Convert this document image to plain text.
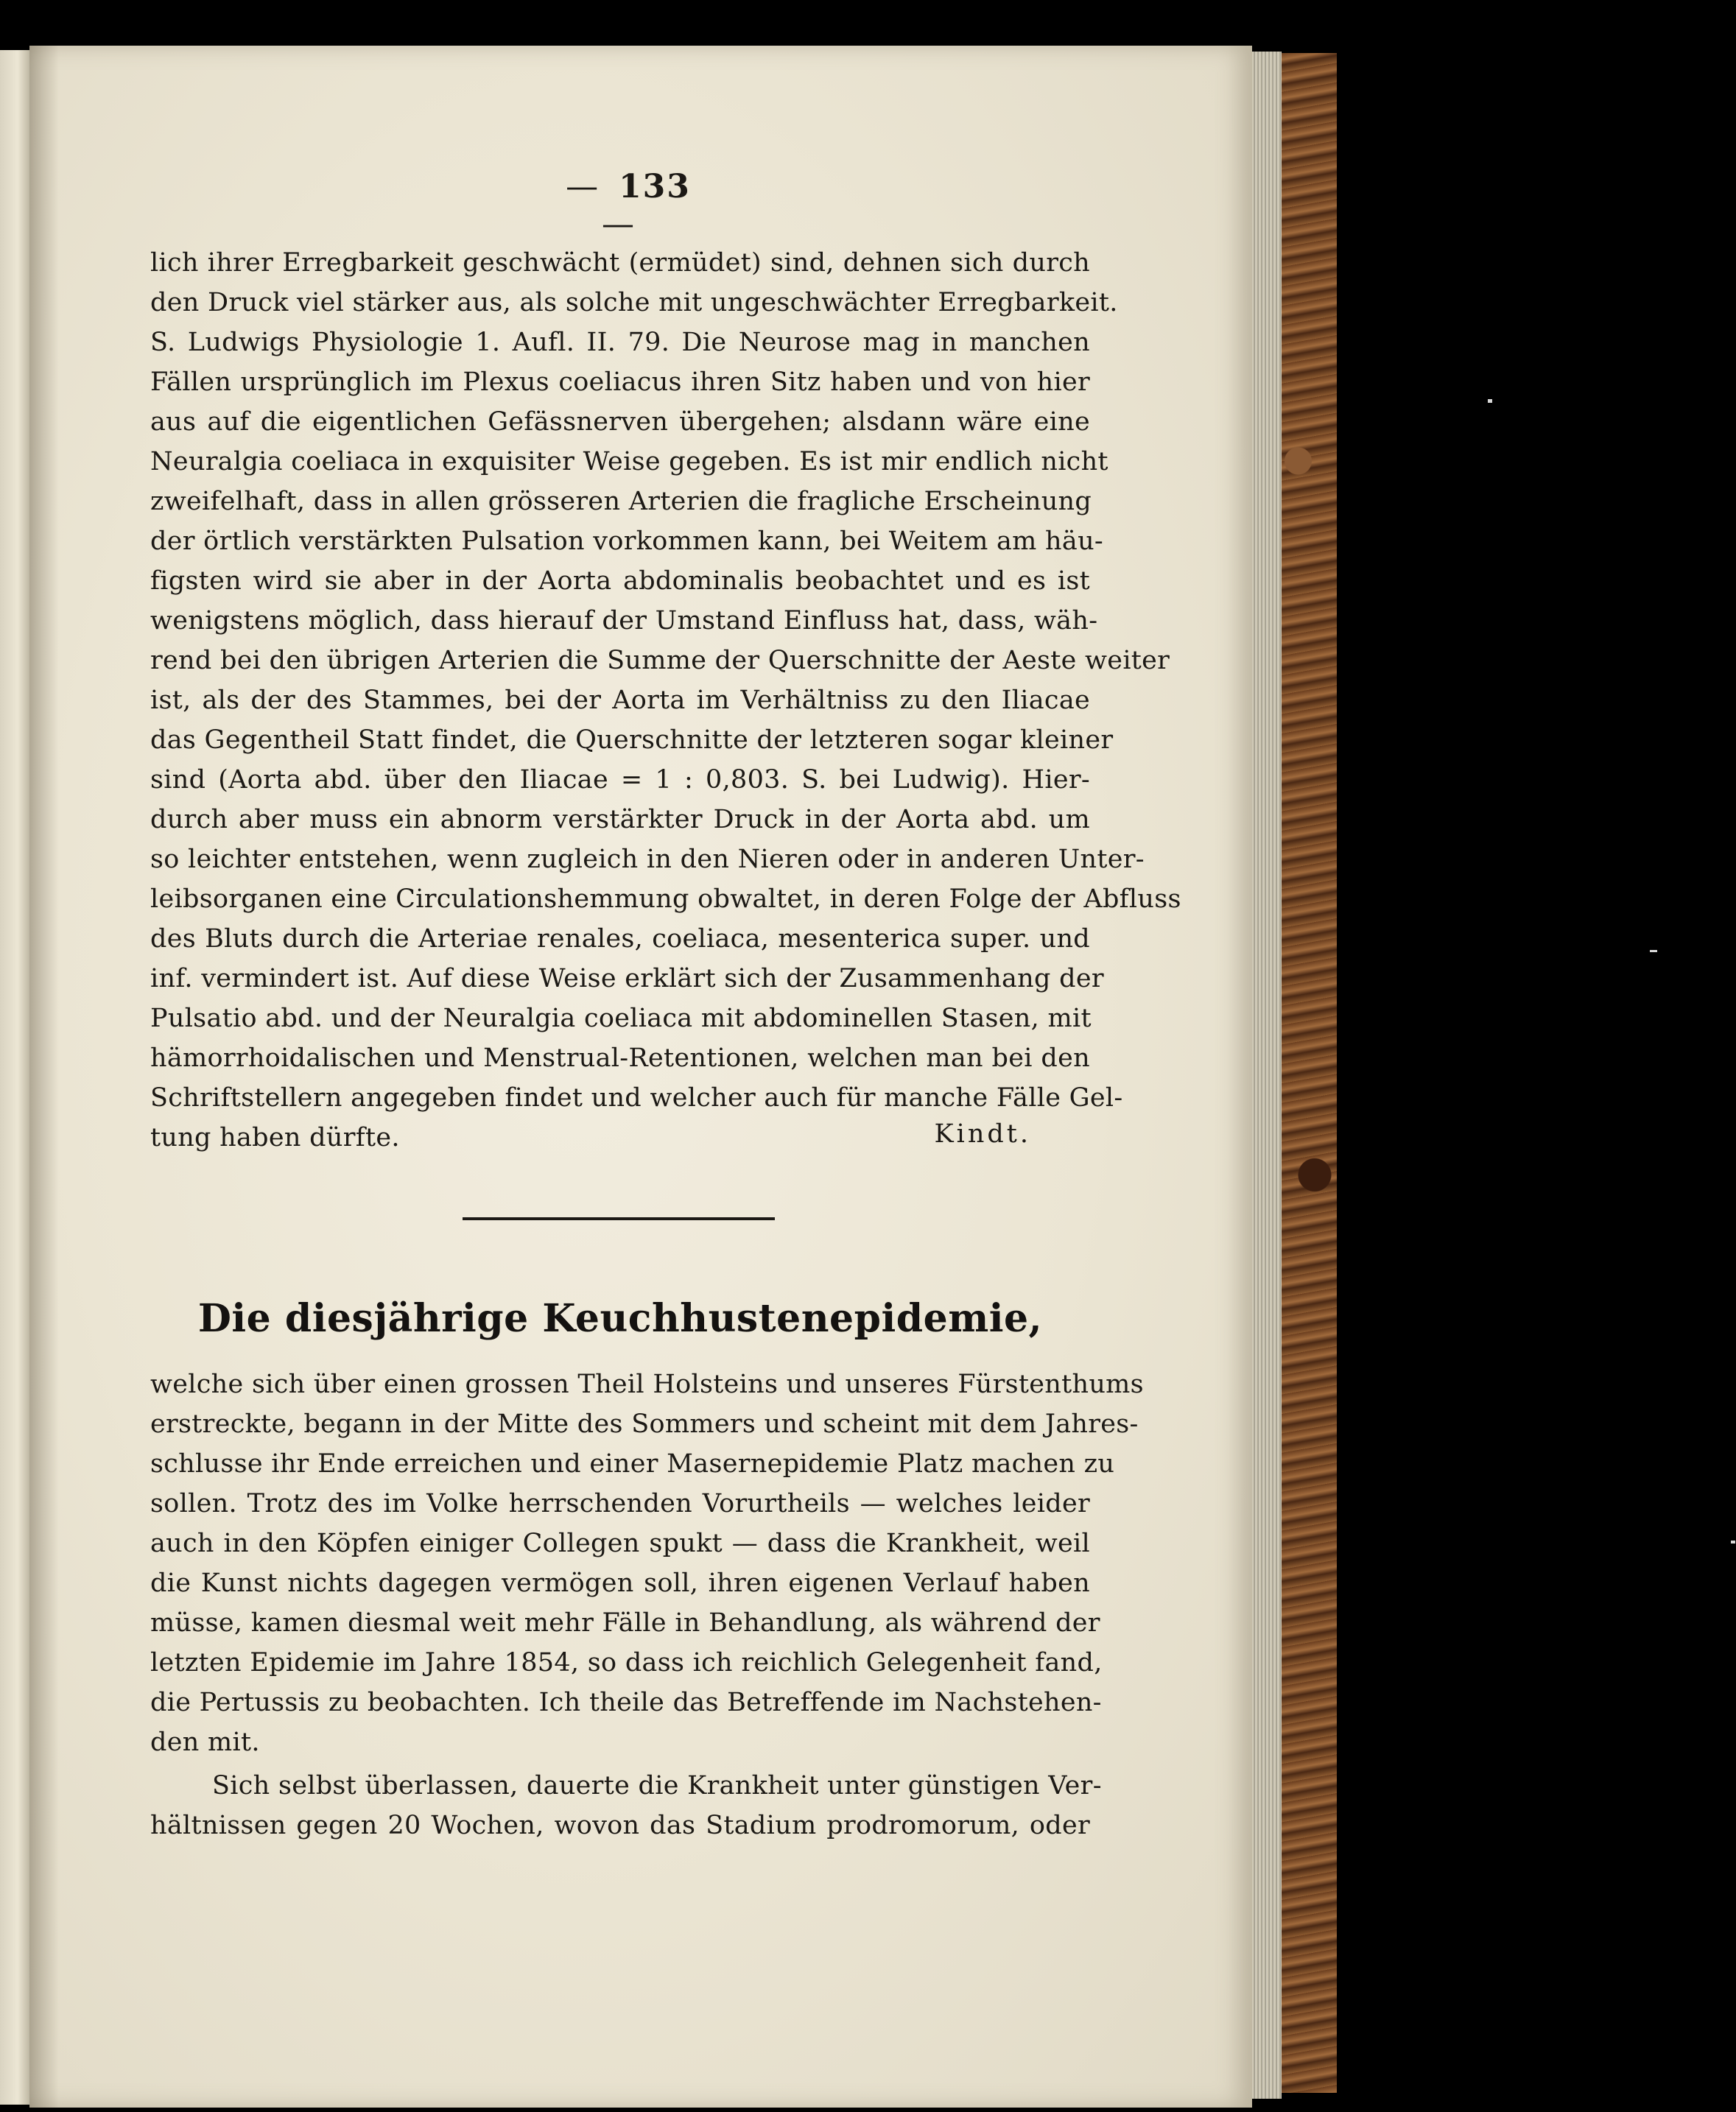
— 133—
lich ihrer Erregbarkeit geschwächt (ermüdet) sind, dehnen sich durch
den Druck viel stärker aus, als solche mit ungeschwächter Erregbarkeit.
S. Ludwigs Physiologie 1. Aufl. II. 79. Die Neurose mag in manchen
Fällen ursprünglich im Plexus coeliacus ihren Sitz haben und von hier
aus auf die eigentlichen Gefässnerven übergehen; alsdann wäre eine
Neuralgia coeliaca in exquisiter Weise gegeben. Es ist mir endlich nicht
zweifelhaft, dass in allen grösseren Arterien die fragliche Erscheinung
der örtlich verstärkten Pulsation vorkommen kann, bei Weitem am häu-
figsten wird sie aber in der Aorta abdominalis beobachtet und es ist
wenigstens möglich, dass hierauf der Umstand Einfluss hat, dass, wäh-
rend bei den übrigen Arterien die Summe der Querschnitte der Aeste weiter
ist, als der des Stammes, bei der Aorta im Verhältniss zu den Iliacae
das Gegentheil Statt findet, die Querschnitte der letzteren sogar kleiner
sind (Aorta abd. über den Iliacae = 1 : 0,803. S. bei Ludwig). Hier-
durch aber muss ein abnorm verstärkter Druck in der Aorta abd. um
so leichter entstehen, wenn zugleich in den Nieren oder in anderen Unter-
leibsorganen eine Circulationshemmung obwaltet, in deren Folge der Abfluss
des Bluts durch die Arteriae renales, coeliaca, mesenterica super. und
inf. vermindert ist. Auf diese Weise erklärt sich der Zusammenhang der
Pulsatio abd. und der Neuralgia coeliaca mit abdominellen Stasen, mit
hämorrhoidalischen und Menstrual-Retentionen, welchen man bei den
Schriftstellern angegeben findet und welcher auch für manche Fälle Gel-
tung haben dürfte.	Kindt.
Die diesjährige Keuchhustenepidemie,
welche sich über einen grossen Theil Holsteins und unseres Fürstenthums
erstreckte, begann in der Mitte des Sommers und scheint mit dem Jahres-
schlusse ihr Ende erreichen und einer Masernepidemie Platz machen zu
sollen. Trotz des im Volke herrschenden Vorurtheils — welches leider
auch in den Köpfen einiger Collegen spukt — dass die Krankheit, weil
die Kunst nichts dagegen vermögen soll, ihren eigenen Verlauf haben
müsse, kamen diesmal weit mehr Fälle in Behandlung, als während der
letzten Epidemie im Jahre 1854, so dass ich reichlich Gelegenheit fand,
die Pertussis zu beobachten. Ich theile das Betreffende im Nachstehen-
den mit.
Sich selbst überlassen, dauerte die Krankheit unter günstigen Ver-
hältnissen gegen 20 Wochen, wovon das Stadium prodromorum, oder
